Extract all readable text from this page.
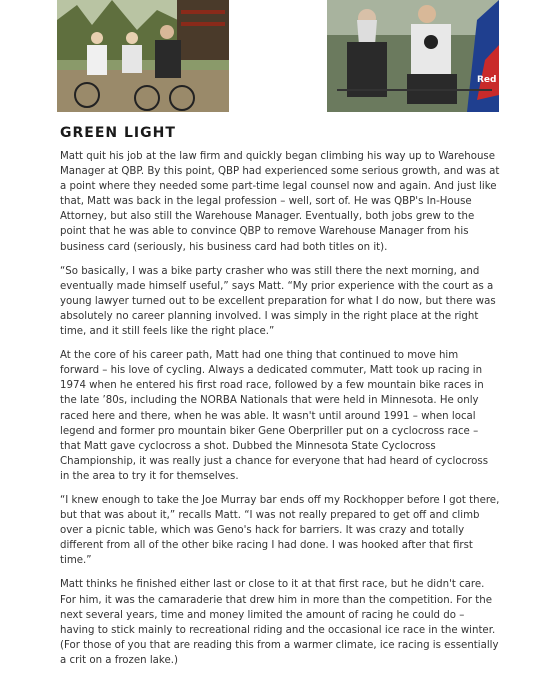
Red
GREEN LIGHT

Matt quit his job at the law firm and quickly began climbing his way up to Warehouse Manager at QBP. By this point, QBP had experienced some serious growth, and was at a point where they needed some part-time legal counsel now and again. And just like that, Matt was back in the legal profession – well, sort of. He was QBP's In-House Attorney, but also still the Warehouse Manager. Eventually, both jobs grew to the point that he was able to convince QBP to remove Warehouse Manager from his business card (seriously, his business card had both titles on it).

“So basically, I was a bike party crasher who was still there the next morning, and eventually made himself useful,” says Matt. “My prior experience with the court as a young lawyer turned out to be excellent preparation for what I do now, but there was absolutely no career planning involved. I was simply in the right place at the right time, and it still feels like the right place.”

At the core of his career path, Matt had one thing that continued to move him forward – his love of cycling. Always a dedicated commuter, Matt took up racing in 1974 when he entered his first road race, followed by a few mountain bike races in the late ’80s, including the NORBA Nationals that were held in Minnesota. He only raced here and there, when he was able. It wasn't until around 1991 – when local legend and former pro mountain biker Gene Oberpriller put on a cyclocross race – that Matt gave cyclocross a shot. Dubbed the Minnesota State Cyclocross Championship, it was really just a chance for everyone that had heard of cyclocross in the area to try it for themselves.

“I knew enough to take the Joe Murray bar ends off my Rockhopper before I got there, but that was about it,” recalls Matt. “I was not really prepared to get off and climb over a picnic table, which was Geno's hack for barriers. It was crazy and totally different from all of the other bike racing I had done. I was hooked after that first time.”

Matt thinks he finished either last or close to it at that first race, but he didn't care. For him, it was the camaraderie that drew him in more than the competition. For the next several years, time and money limited the amount of racing he could do – having to stick mainly to recreational riding and the occasional ice race in the winter. (For those of you that are reading this from a warmer climate, ice racing is essentially a crit on a frozen lake.)
